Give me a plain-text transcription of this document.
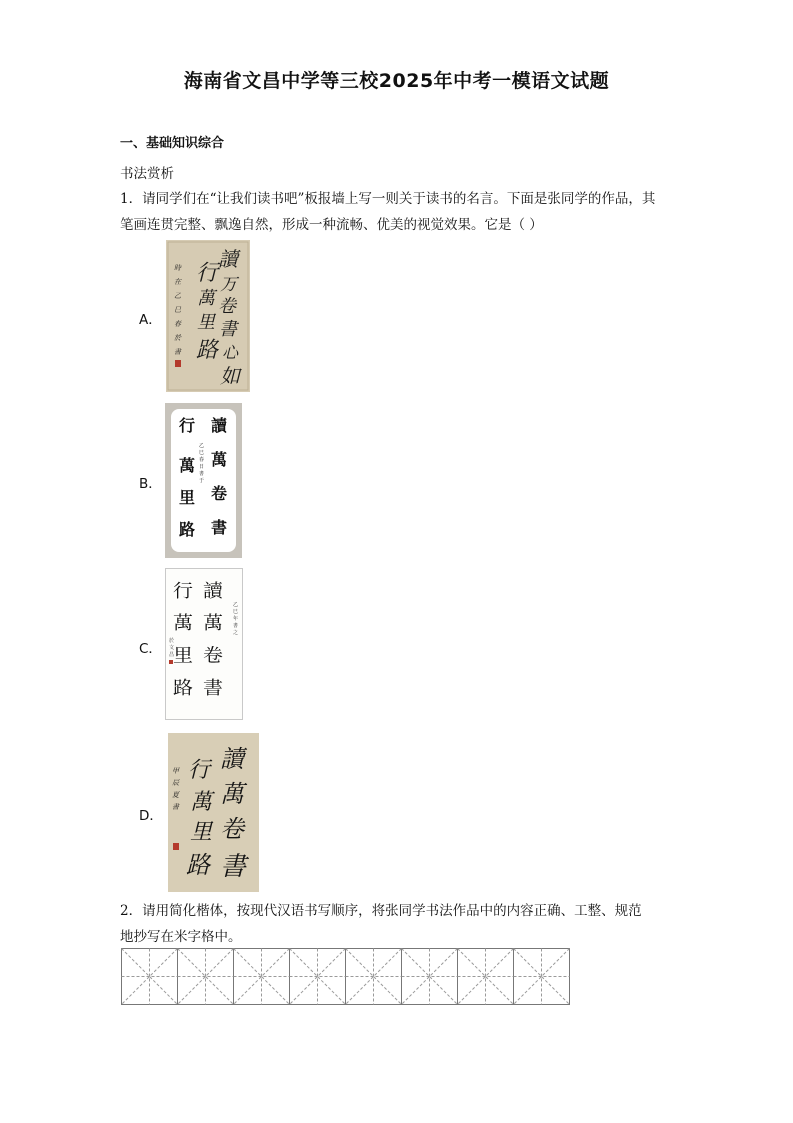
海南省文昌中学等三校2025年中考一模语文试题
一、基础知识综合
书法赏析
1．请同学们在“让我们读书吧”板报墙上写一则关于读书的名言。下面是张同学的作品，其
笔画连贯完整、飘逸自然，形成一种流畅、优美的视觉效果。它是（ ）
A．
讀
万
卷
書
心
如
行
萬
里
路
時
在
乙
巳
春
於
書
B．
讀
萬
卷
書
行
萬
里
路
乙
巳
春
日
書
于
C．
讀
萬
卷
書
行
萬
里
路
乙
巳
年
書
之
於
文
昌
D．
讀
萬
卷
書
行
萬
里
路
甲
辰
夏
書
2．请用简化楷体，按现代汉语书写顺序，将张同学书法作品中的内容正确、工整、规范
地抄写在米字格中。
